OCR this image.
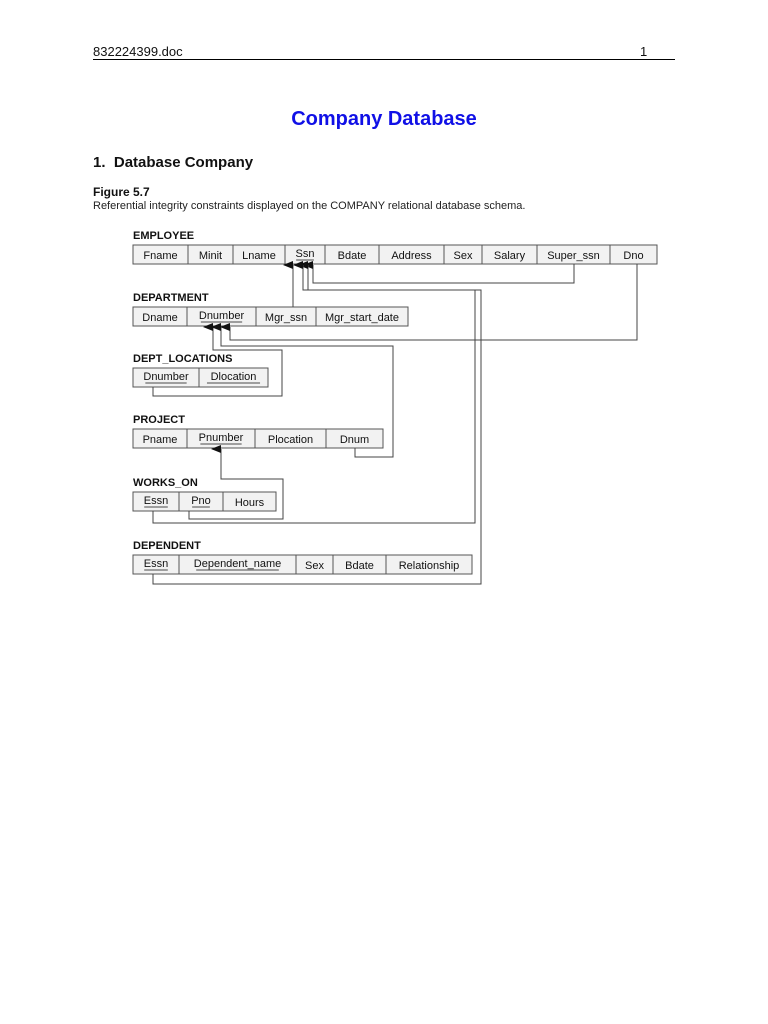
832224399.doc	1
Company Database
1. Database Company
Figure 5.7
Referential integrity constraints displayed on the COMPANY relational database schema.
EMPLOYEE
Fname Minit Lname Ssn Bdate Address Sex Salary Super_ssn Dno
DEPARTMENT
Dname Dnumber Mgr_ssn Mgr_start_date
DEPT_LOCATIONS
Dnumber Dlocation
PROJECT
Pname Pnumber Plocation Dnum
WORKS_ON
Essn Pno Hours
DEPENDENT
Essn Dependent_name Sex Bdate Relationship
